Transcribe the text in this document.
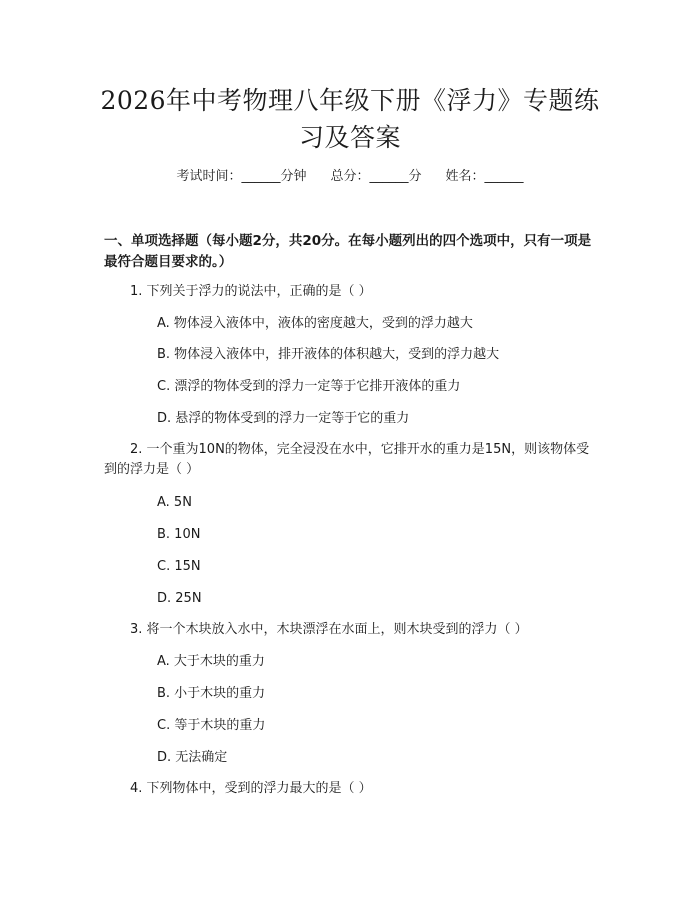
2026年中考物理八年级下册《浮力》专题练习及答案
考试时间：______分钟 总分：______分 姓名：______
一、单项选择题（每小题2分，共20分。在每小题列出的四个选项中，只有一项是最符合题目要求的。）
1. 下列关于浮力的说法中，正确的是（ ）
A. 物体浸入液体中，液体的密度越大，受到的浮力越大
B. 物体浸入液体中，排开液体的体积越大，受到的浮力越大
C. 漂浮的物体受到的浮力一定等于它排开液体的重力
D. 悬浮的物体受到的浮力一定等于它的重力
2. 一个重为10N的物体，完全浸没在水中，它排开水的重力是15N，则该物体受到的浮力是（ ）
A. 5N
B. 10N
C. 15N
D. 25N
3. 将一个木块放入水中，木块漂浮在水面上，则木块受到的浮力（ ）
A. 大于木块的重力
B. 小于木块的重力
C. 等于木块的重力
D. 无法确定
4. 下列物体中，受到的浮力最大的是（ ）
